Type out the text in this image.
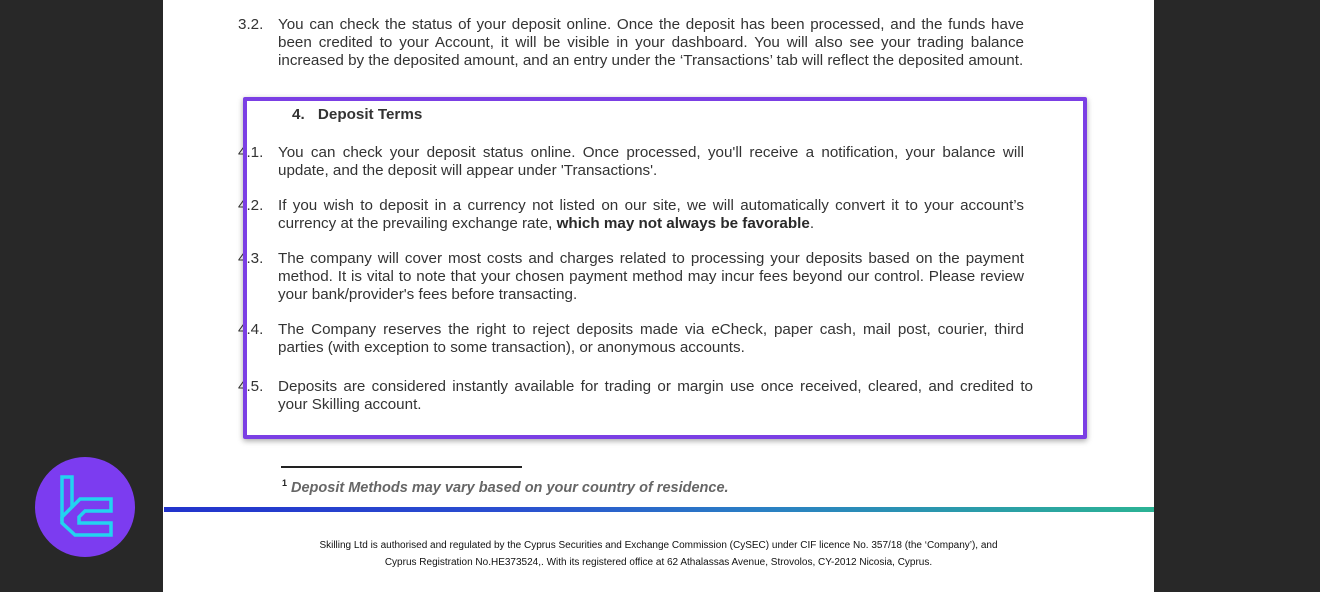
3.2. You can check the status of your deposit online. Once the deposit has been processed, and the funds have been credited to your Account, it will be visible in your dashboard. You will also see your trading balance increased by the deposited amount, and an entry under the ‘Transactions’ tab will reflect the deposited amount.
4. Deposit Terms
4.1. You can check your deposit status online. Once processed, you'll receive a notification, your balance will update, and the deposit will appear under 'Transactions'.
4.2. If you wish to deposit in a currency not listed on our site, we will automatically convert it to your account’s currency at the prevailing exchange rate, which may not always be favorable.
4.3. The company will cover most costs and charges related to processing your deposits based on the payment method. It is vital to note that your chosen payment method may incur fees beyond our control. Please review your bank/provider's fees before transacting.
4.4. The Company reserves the right to reject deposits made via eCheck, paper cash, mail post, courier, third parties (with exception to some transaction), or anonymous accounts.
4.5. Deposits are considered instantly available for trading or margin use once received, cleared, and credited to your Skilling account.
$^1$ Deposit Methods may vary based on your country of residence.
Skilling Ltd is authorised and regulated by the Cyprus Securities and Exchange Commission (CySEC) under CIF licence No. 357/18 (the ‘Company’), and
Cyprus Registration No.HE373524,. With its registered office at 62 Athalassas Avenue, Strovolos, CY-2012 Nicosia, Cyprus.
